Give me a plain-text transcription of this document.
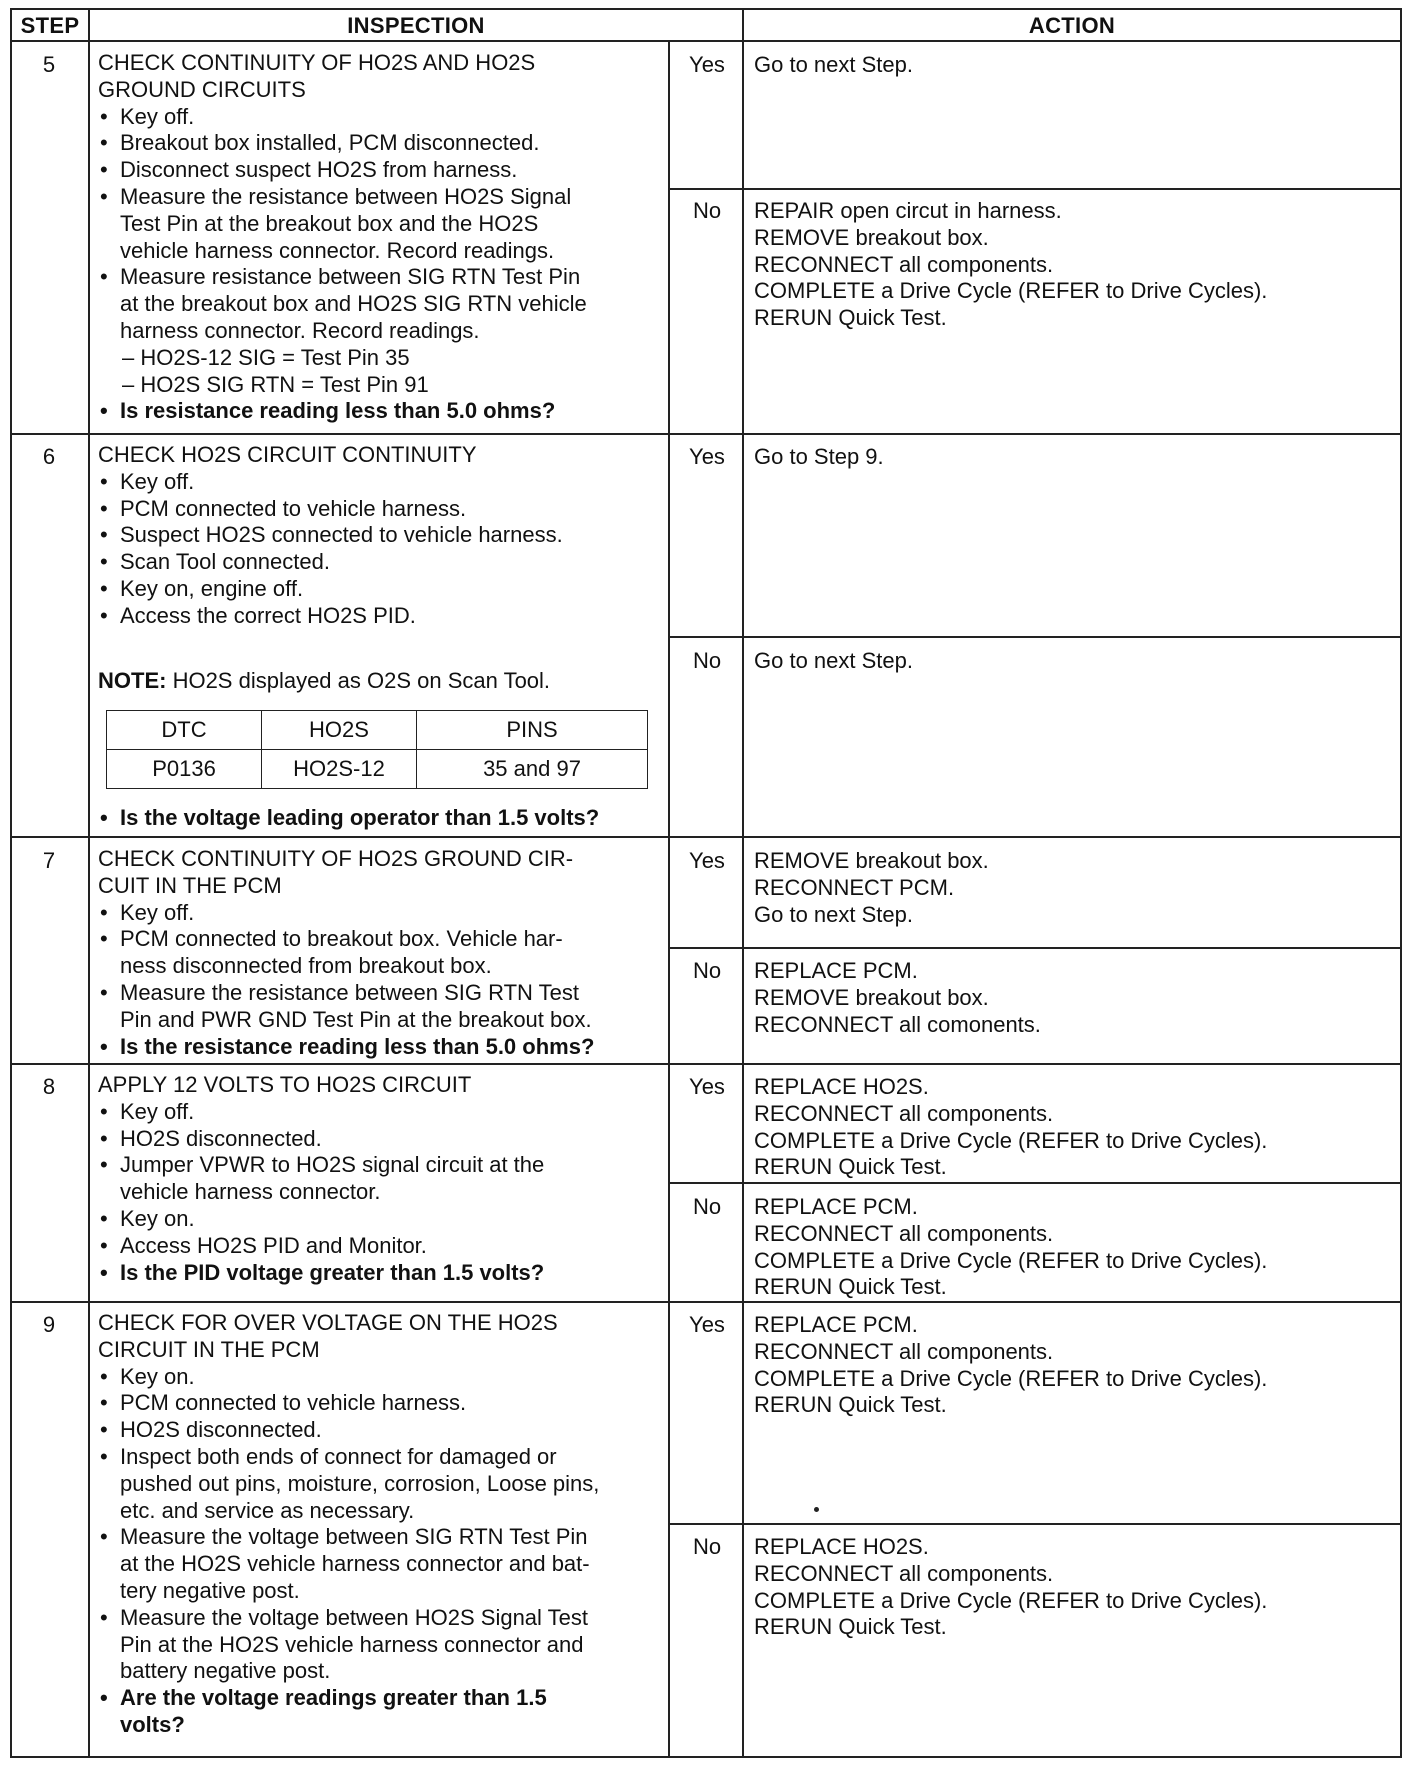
STEP	INSPECTION	ACTION
5	CHECK CONTINUITY OF HO2S AND HO2S
GROUND CIRCUITS
• Key off.
• Breakout box installed, PCM disconnected.
• Disconnect suspect HO2S from harness.
• Measure the resistance between HO2S Signal
Test Pin at the breakout box and the HO2S
vehicle harness connector. Record readings.
• Measure resistance between SIG RTN Test Pin
at the breakout box and HO2S SIG RTN vehicle
harness connector. Record readings.
– HO2S-12 SIG = Test Pin 35
– HO2S SIG RTN = Test Pin 91
• Is resistance reading less than 5.0 ohms?
Yes	Go to next Step.
No	REPAIR open circut in harness.
REMOVE breakout box.
RECONNECT all components.
COMPLETE a Drive Cycle (REFER to Drive Cycles).
RERUN Quick Test.
6	CHECK HO2S CIRCUIT CONTINUITY
• Key off.
• PCM connected to vehicle harness.
• Suspect HO2S connected to vehicle harness.
• Scan Tool connected.
• Key on, engine off.
• Access the correct HO2S PID.
NOTE: HO2S displayed as O2S on Scan Tool.
DTC	HO2S	PINS
P0136	HO2S-12	35 and 97
• Is the voltage leading operator than 1.5 volts?
Yes	Go to Step 9.
No	Go to next Step.
7	CHECK CONTINUITY OF HO2S GROUND CIR-
CUIT IN THE PCM
• Key off.
• PCM connected to breakout box. Vehicle har-
ness disconnected from breakout box.
• Measure the resistance between SIG RTN Test
Pin and PWR GND Test Pin at the breakout box.
• Is the resistance reading less than 5.0 ohms?
Yes	REMOVE breakout box.
RECONNECT PCM.
Go to next Step.
No	REPLACE PCM.
REMOVE breakout box.
RECONNECT all comonents.
8	APPLY 12 VOLTS TO HO2S CIRCUIT
• Key off.
• HO2S disconnected.
• Jumper VPWR to HO2S signal circuit at the
vehicle harness connector.
• Key on.
• Access HO2S PID and Monitor.
• Is the PID voltage greater than 1.5 volts?
Yes	REPLACE HO2S.
RECONNECT all components.
COMPLETE a Drive Cycle (REFER to Drive Cycles).
RERUN Quick Test.
No	REPLACE PCM.
RECONNECT all components.
COMPLETE a Drive Cycle (REFER to Drive Cycles).
RERUN Quick Test.
9	CHECK FOR OVER VOLTAGE ON THE HO2S
CIRCUIT IN THE PCM
• Key on.
• PCM connected to vehicle harness.
• HO2S disconnected.
• Inspect both ends of connect for damaged or
pushed out pins, moisture, corrosion, Loose pins,
etc. and service as necessary.
• Measure the voltage between SIG RTN Test Pin
at the HO2S vehicle harness connector and bat-
tery negative post.
• Measure the voltage between HO2S Signal Test
Pin at the HO2S vehicle harness connector and
battery negative post.
• Are the voltage readings greater than 1.5
volts?
Yes	REPLACE PCM.
RECONNECT all components.
COMPLETE a Drive Cycle (REFER to Drive Cycles).
RERUN Quick Test.
No	REPLACE HO2S.
RECONNECT all components.
COMPLETE a Drive Cycle (REFER to Drive Cycles).
RERUN Quick Test.
